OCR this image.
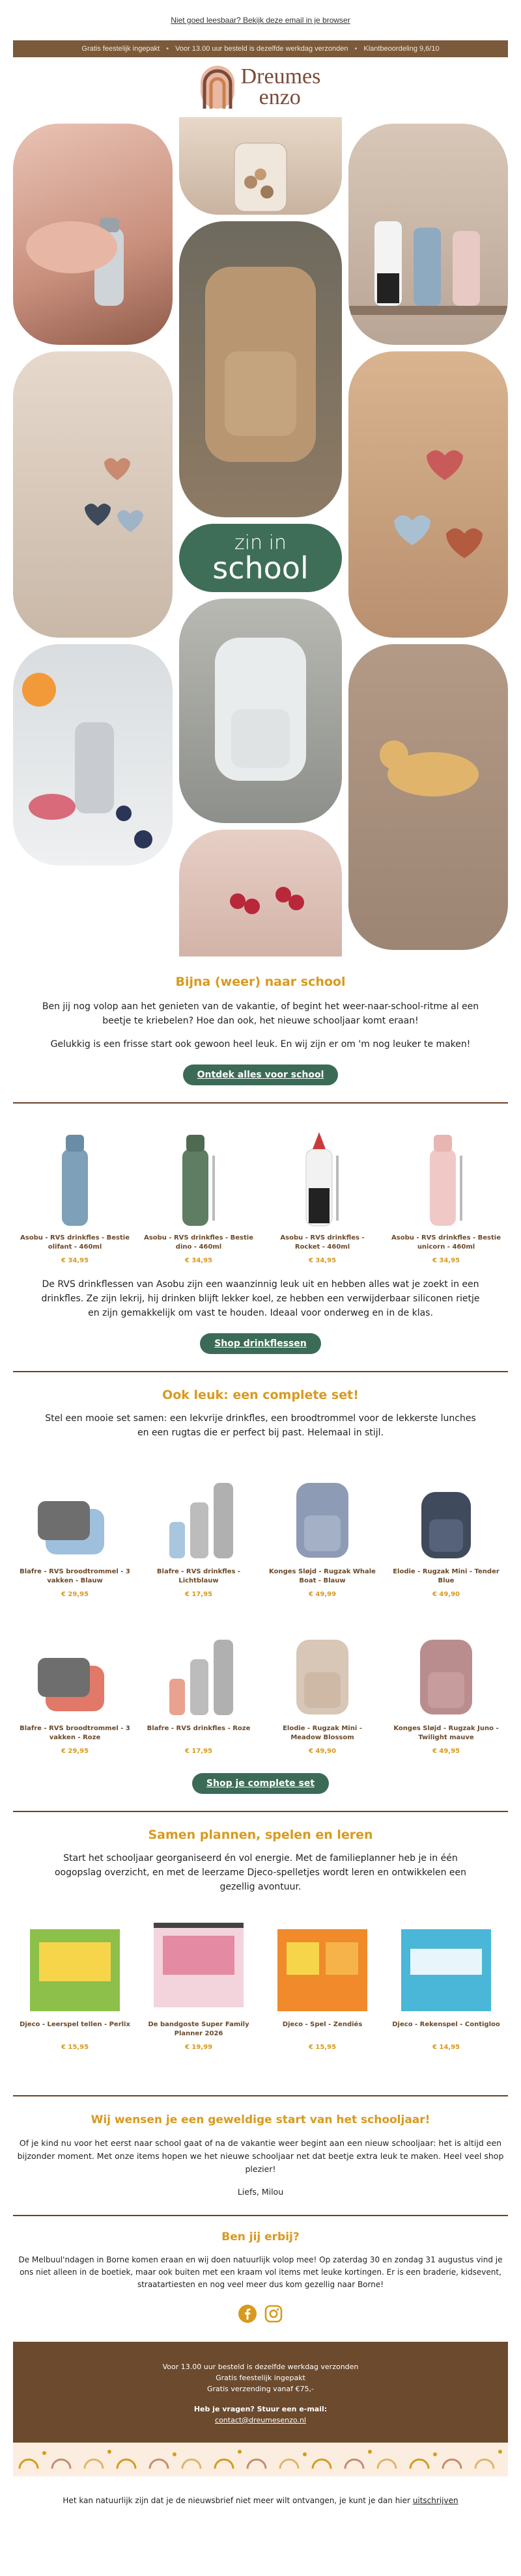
Niet goed leesbaar? Bekijk deze email in je browser
Gratis feestelijk ingepakt • Voor 13.00 uur besteld is dezelfde werkdag verzonden • Klantbeoordeling 9,6/10
Dreumes
enzo
zin in
school
Bijna (weer) naar school

Ben jij nog volop aan het genieten van de vakantie, of begint het weer-naar-school-ritme al een beetje te kriebelen? Hoe dan ook, het nieuwe schooljaar komt eraan!

Gelukkig is een frisse start ook gewoon heel leuk. En wij zijn er om 'm nog leuker te maken!

Ontdek alles voor school
Asobu - RVS drinkfles - Bestie olifant - 460ml
€ 34,95
Asobu - RVS drinkfles - Bestie dino - 460ml
€ 34,95
Asobu - RVS drinkfles - Rocket - 460ml
€ 34,95
Asobu - RVS drinkfles - Bestie unicorn - 460ml
€ 34,95

De RVS drinkflessen van Asobu zijn een waanzinnig leuk uit en hebben alles wat je zoekt in een drinkfles. Ze zijn lekrij, hij drinken blijft lekker koel, ze hebben een verwijderbaar siliconen rietje en zijn gemakkelijk om vast te houden. Ideaal voor onderweg en in de klas.

Shop drinkflessen
Ook leuk: een complete set!

Stel een mooie set samen: een lekvrije drinkfles, een broodtrommel voor de lekkerste lunches en een rugtas die er perfect bij past. Helemaal in stijl.

Blafre - RVS broodtrommel - 3 vakken - Blauw
€ 29,95
Blafre - RVS drinkfles - Lichtblauw
€ 17,95
Konges Sløjd - Rugzak Whale Boat - Blauw
€ 49,99
Elodie - Rugzak Mini - Tender Blue
€ 49,90
Blafre - RVS broodtrommel - 3 vakken - Roze
€ 29,95
Blafre - RVS drinkfles - Roze
€ 17,95
Elodie - Rugzak Mini - Meadow Blossom
€ 49,90
Konges Sløjd - Rugzak Juno - Twilight mauve
€ 49,95
Shop je complete set
Samen plannen, spelen en leren

Start het schooljaar georganiseerd én vol energie. Met de familieplanner heb je in één oogopslag overzicht, en met de leerzame Djeco-spelletjes wordt leren en ontwikkelen een gezellig avontuur.

Djeco - Leerspel tellen - Perlix
€ 15,95
De bandgoste Super Family Planner 2026
€ 19,99
Djeco - Spel - Zendiés
€ 15,95
Djeco - Rekenspel - Contigloo
€ 14,95
Wij wensen je een geweldige start van het schooljaar!

Of je kind nu voor het eerst naar school gaat of na de vakantie weer begint aan een nieuw schooljaar: het is altijd een bijzonder moment. Met onze items hopen we het nieuwe schooljaar net dat beetje extra leuk te maken. Heel veel shop plezier!

Liefs, Milou

Ben jij erbij?

De Melbuul'ndagen in Borne komen eraan en wij doen natuurlijk volop mee! Op zaterdag 30 en zondag 31 augustus vind je ons niet alleen in de boetiek, maar ook buiten met een kraam vol items met leuke kortingen. Er is een braderie, kidsevent, straatartiesten en nog veel meer dus kom gezellig naar Borne!

Voor 13.00 uur besteld is dezelfde werkdag verzonden
Gratis feestelijk ingepakt
Gratis verzending vanaf €75,-
Heb je vragen? Stuur een e-mail:
contact@dreumesenzo.nl

Het kan natuurlijk zijn dat je de nieuwsbrief niet meer wilt ontvangen, je kunt je dan hier uitschrijven
